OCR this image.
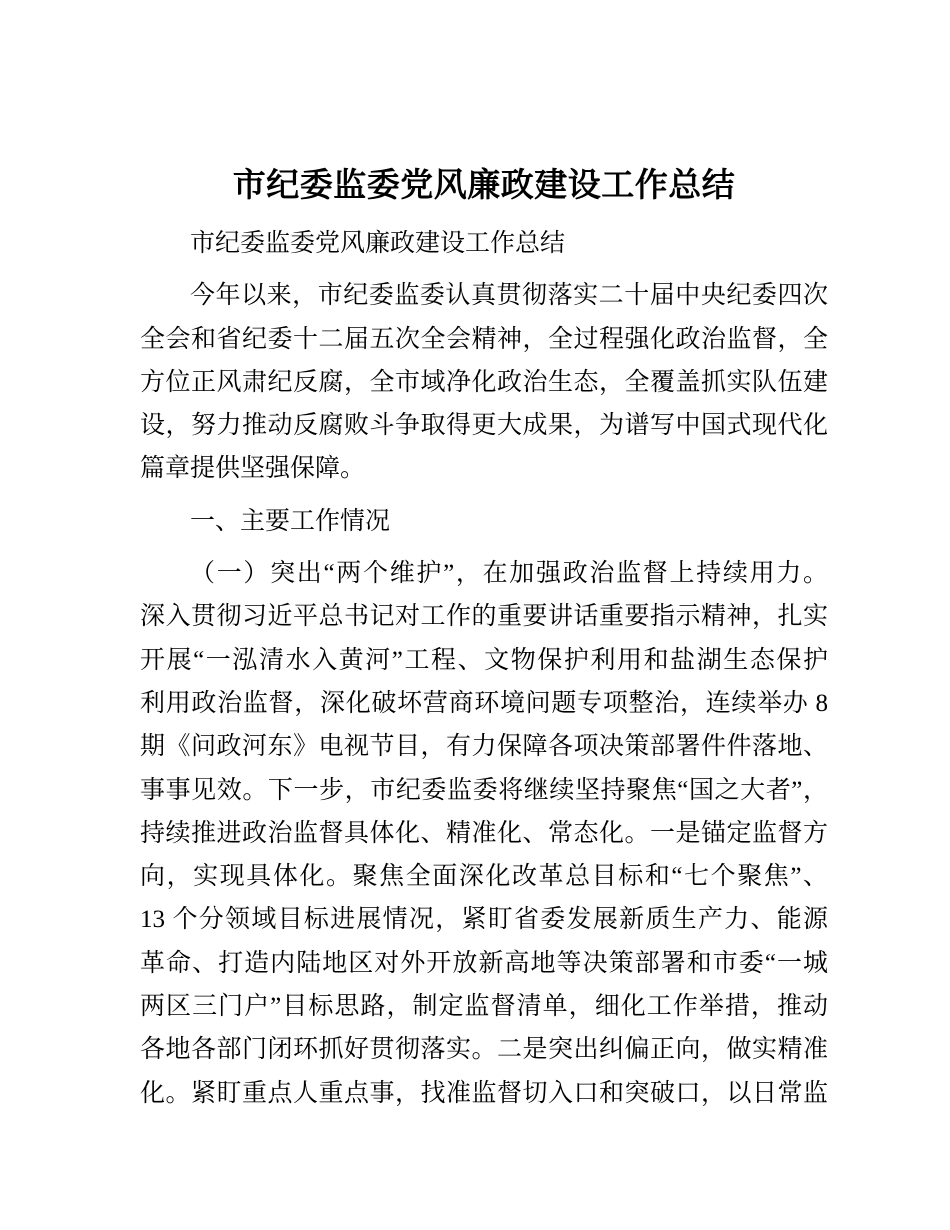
市纪委监委党风廉政建设工作总结
市纪委监委党风廉政建设工作总结
今年以来，市纪委监委认真贯彻落实二十届中央纪委四次
全会和省纪委十二届五次全会精神，全过程强化政治监督，全
方位正风肃纪反腐，全市域净化政治生态，全覆盖抓实队伍建
设，努力推动反腐败斗争取得更大成果，为谱写中国式现代化
篇章提供坚强保障。
一、主要工作情况
（一）突出“两个维护”，在加强政治监督上持续用力。
深入贯彻习近平总书记对工作的重要讲话重要指示精神，扎实
开展“一泓清水入黄河”工程、文物保护利用和盐湖生态保护
利用政治监督，深化破坏营商环境问题专项整治，连续举办 8
期《问政河东》电视节目，有力保障各项决策部署件件落地、
事事见效。下一步，市纪委监委将继续坚持聚焦“国之大者”，
持续推进政治监督具体化、精准化、常态化。一是锚定监督方
向，实现具体化。聚焦全面深化改革总目标和“七个聚焦”、
13 个分领域目标进展情况，紧盯省委发展新质生产力、能源
革命、打造内陆地区对外开放新高地等决策部署和市委“一城
两区三门户”目标思路，制定监督清单，细化工作举措，推动
各地各部门闭环抓好贯彻落实。二是突出纠偏正向，做实精准
化。紧盯重点人重点事，找准监督切入口和突破口，以日常监
